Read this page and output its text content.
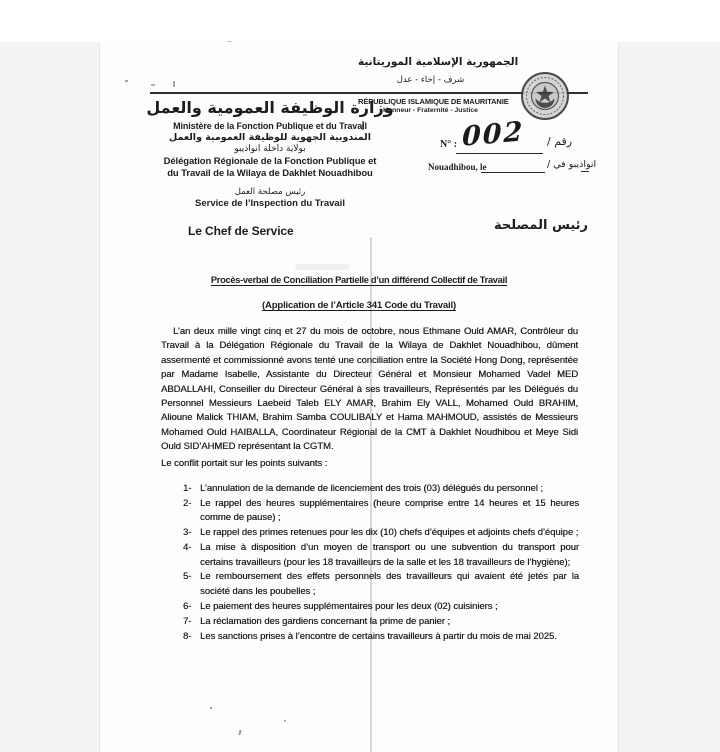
الجمهورية الإسلامية الموريتانية
شرف - إخاء - عدل
RÉPUBLIQUE ISLAMIQUE DE MAURITANIE
Honneur - Fraternité - Justice
وزارة الوظيفة العمومية والعمل
Ministère de la Fonction Publique et du Travail
المندوبية الجهوية للوظيفة العمومية والعمل
بولاية داخلة انواذيبو
Délégation Régionale de la Fonction Publique et
du Travail de la Wilaya de Dakhlet Nouadhibou
رئيس مصلحة العمل
Service de l’Inspection du Travail
N° : 002 / رقم
Nouadhibou, le	انواذيبو في /
Le Chef de Service	رئيس المصلحة
Procès-verbal de Conciliation Partielle d’un différend Collectif de Travail
(Application de l’Article 341 Code du Travail)
L’an deux mille vingt cinq et 27 du mois de octobre, nous Ethmane Ould AMAR, Contrôleur du Travail à la Délégation Régionale du Travail de la Wilaya de Dakhlet Nouadhibou, dûment assermenté et commissionné avons tenté une conciliation entre la Société Hong Dong, représentée par Madame Isabelle, Assistante du Directeur Général et Monsieur Mohamed Vadel MED ABDALLAHI, Conseiller du Directeur Général à ses travailleurs, Représentés par les Délégués du Personnel Messieurs Laebeid Taleb ELY AMAR, Brahim Ely VALL, Mohamed Ould BRAHIM, Alioune Malick THIAM, Brahim Samba COULIBALY et Hama MAHMOUD, assistés de Messieurs Mohamed Ould HAIBALLA, Coordinateur Régional de la CMT à Dakhlet Noudhibou et Meye Sidi Ould SID’AHMED représentant la CGTM.
Le conflit portait sur les points suivants :
1- L’annulation de la demande de licenciement des trois (03) délégués du personnel ;
2- Le rappel des heures supplémentaires (heure comprise entre 14 heures et 15 heures comme de pause) ;
3- Le rappel des primes retenues pour les dix (10) chefs d’équipes et adjoints chefs d’équipe ;
4- La mise à disposition d’un moyen de transport ou une subvention du transport pour certains travailleurs (pour les 18 travailleurs de la salle et les 18 travailleurs de l’hygiène);
5- Le remboursement des effets personnels des travailleurs qui avaient été jetés par la société dans les poubelles ;
6- Le paiement des heures supplémentaires pour les deux (02) cuisiniers ;
7- La réclamation des gardiens concernant la prime de panier ;
8- Les sanctions prises à l’encontre de certains travailleurs à partir du mois de mai 2025.
